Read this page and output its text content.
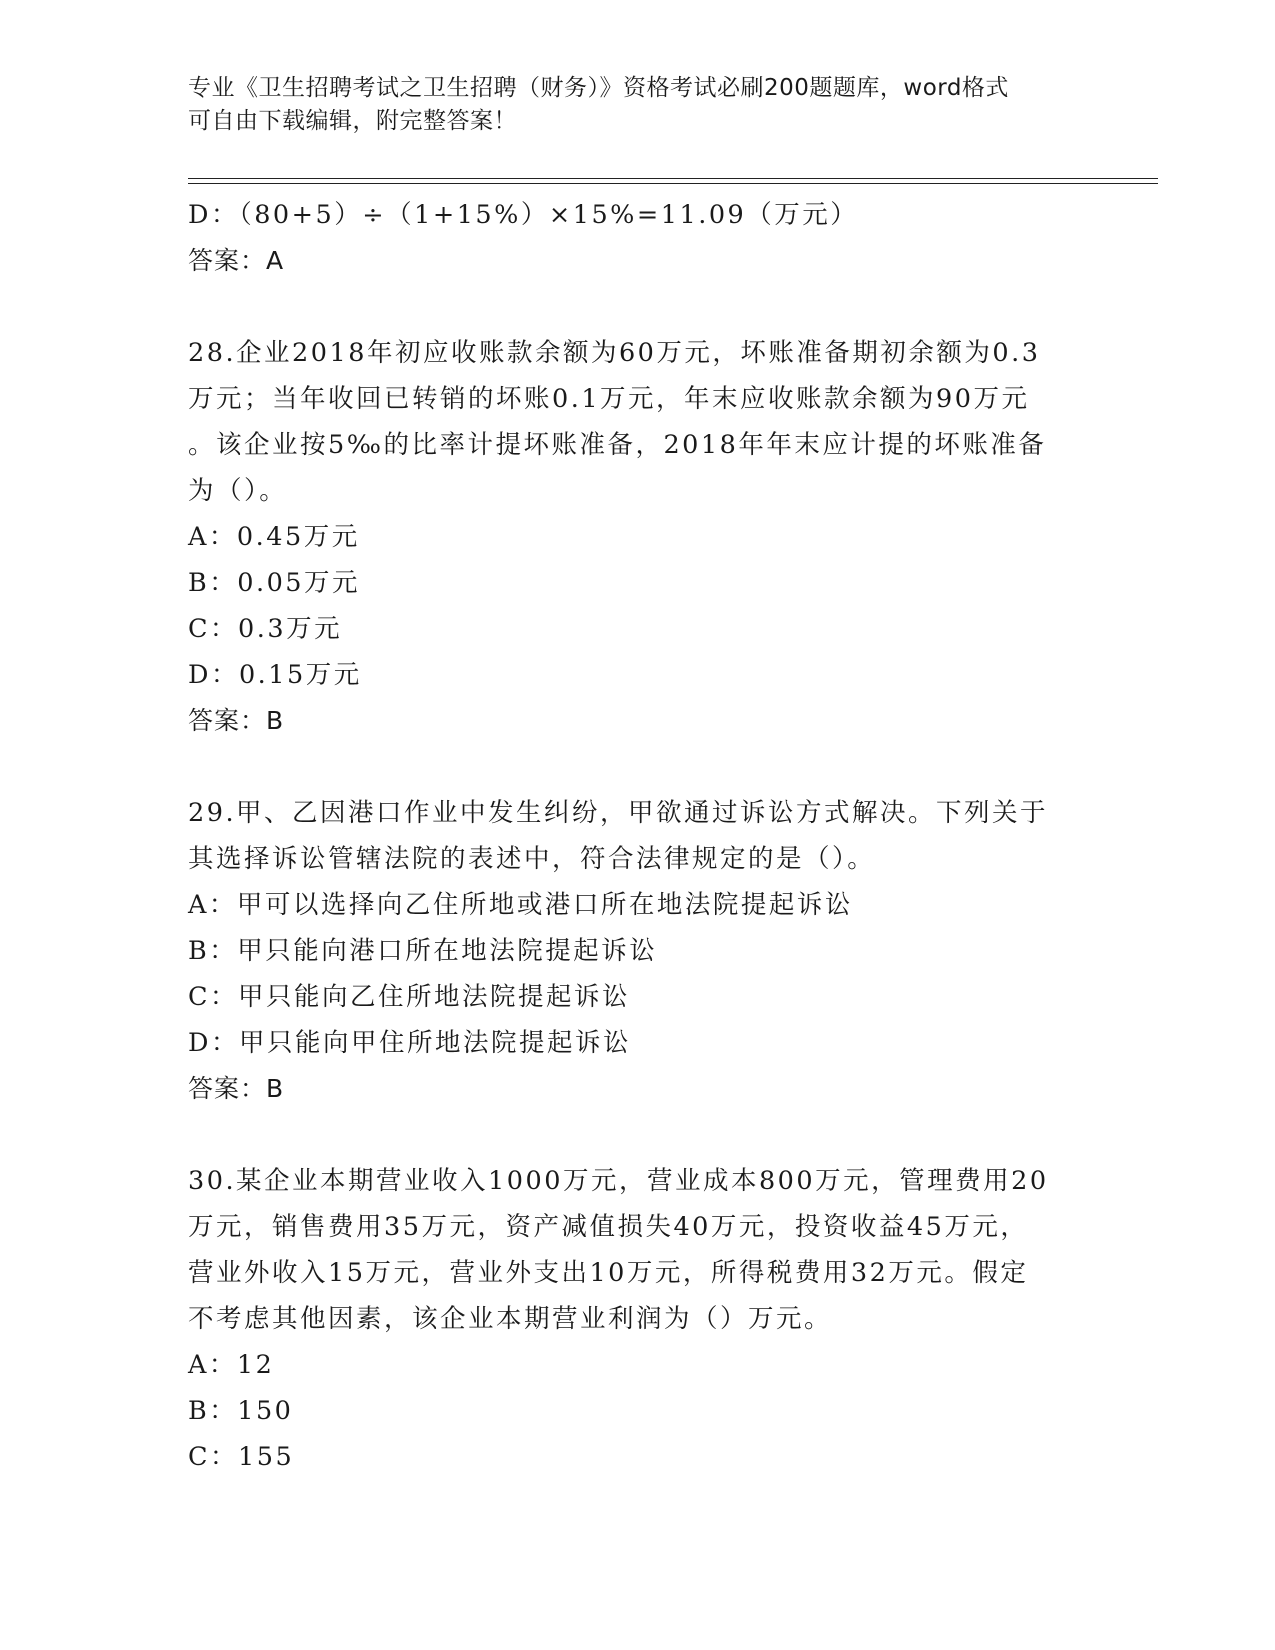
专业《卫生招聘考试之卫生招聘（财务）》资格考试必刷200题题库，word格式
可自由下载编辑，附完整答案！
D：（80+5）÷（1+15%）×15%=11.09（万元）
答案：A
28.企业2018年初应收账款余额为60万元，坏账准备期初余额为0.3
万元；当年收回已转销的坏账0.1万元，年末应收账款余额为90万元
。该企业按5‰的比率计提坏账准备，2018年年末应计提的坏账准备
为（）。
A：0.45万元
B：0.05万元
C：0.3万元
D：0.15万元
答案：B
29.甲、乙因港口作业中发生纠纷，甲欲通过诉讼方式解决。下列关于
其选择诉讼管辖法院的表述中，符合法律规定的是（）。
A：甲可以选择向乙住所地或港口所在地法院提起诉讼
B：甲只能向港口所在地法院提起诉讼
C：甲只能向乙住所地法院提起诉讼
D：甲只能向甲住所地法院提起诉讼
答案：B
30.某企业本期营业收入1000万元，营业成本800万元，管理费用20
万元，销售费用35万元，资产减值损失40万元，投资收益45万元，
营业外收入15万元，营业外支出10万元，所得税费用32万元。假定
不考虑其他因素，该企业本期营业利润为（）万元。
A：12
B：150
C：155
